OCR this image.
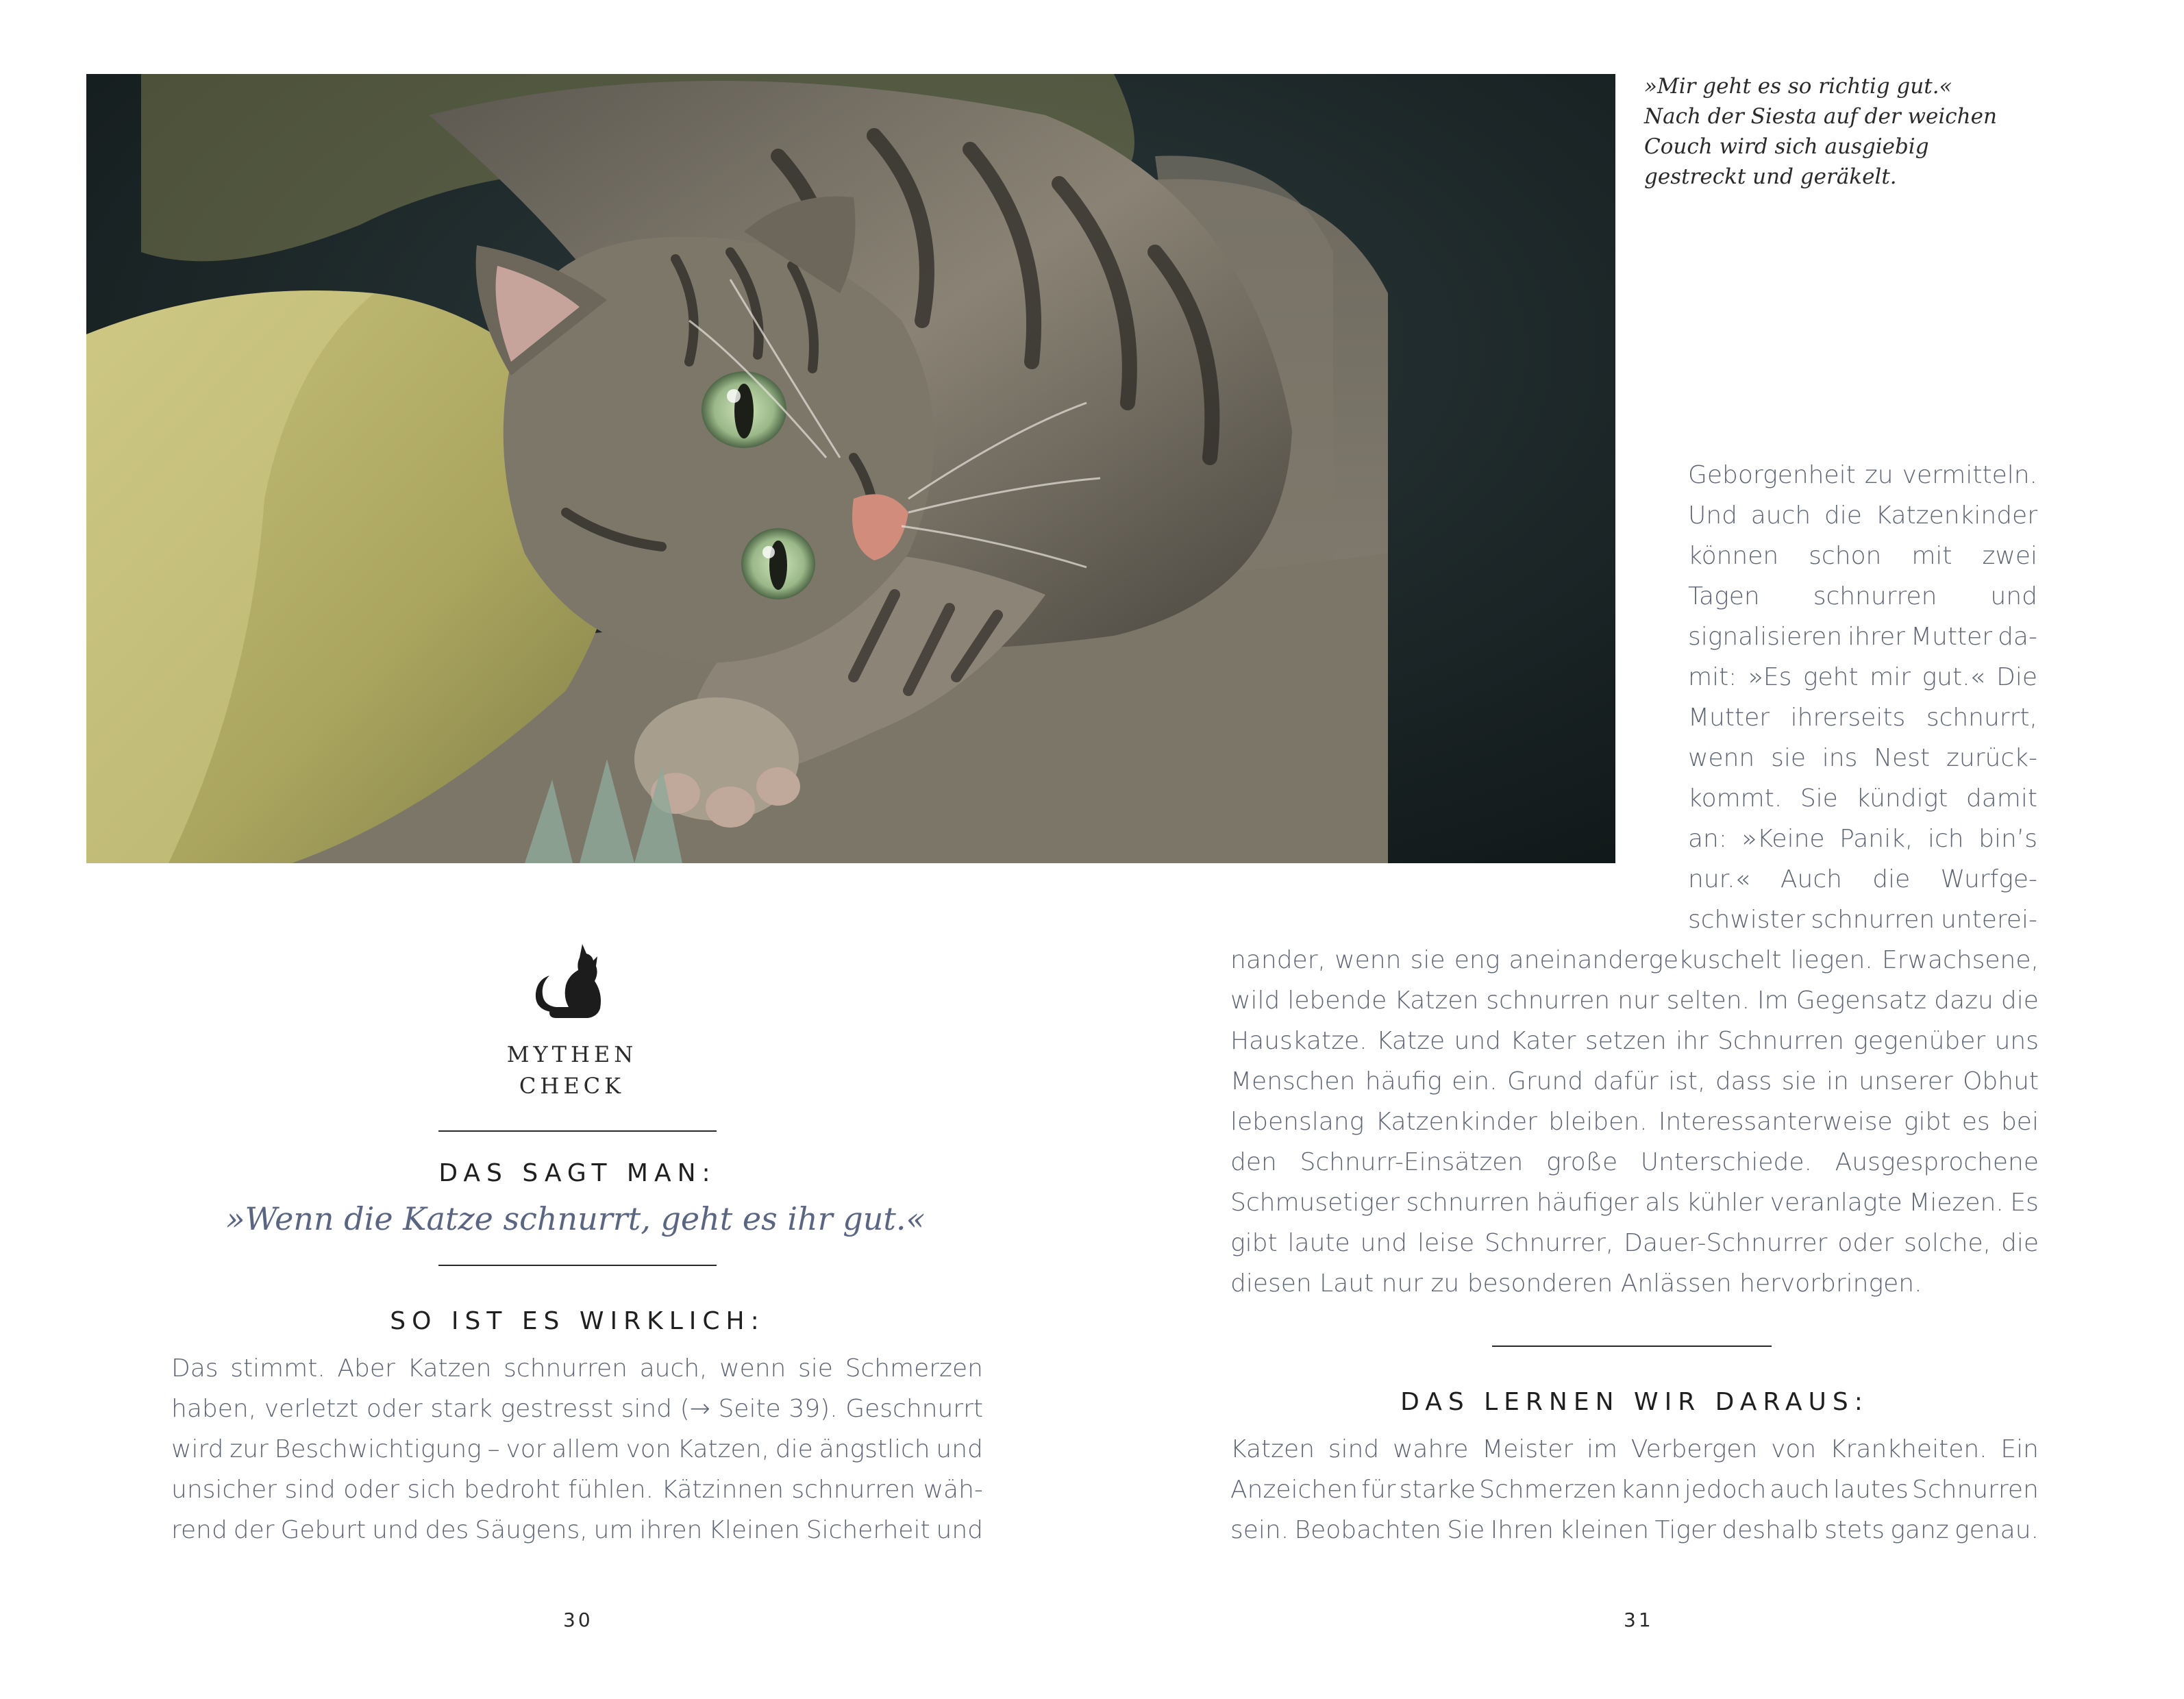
»Mir geht es so richtig gut.«
Nach der Siesta auf der weichen
Couch wird sich ausgiebig
gestreckt und geräkelt.
MYTHEN
CHECK
DAS SAGT MAN:
»Wenn die Katze schnurrt, geht es ihr gut.«
SO IST ES WIRKLICH:
Das stimmt. Aber Katzen schnurren auch, wenn sie Schmerzen
haben, verletzt oder stark gestresst sind (→ Seite 39). Geschnurrt
wird zur Beschwichtigung – vor allem von Katzen, die ängstlich und
unsicher sind oder sich bedroht fühlen. Kätzinnen schnurren wäh-
rend der Geburt und des Säugens, um ihren Kleinen Sicherheit und
Geborgenheit zu vermitteln.
Und auch die Katzenkinder
können schon mit zwei
Tagen schnurren und
signalisieren ihrer Mutter da-
mit: »Es geht mir gut.« Die
Mutter ihrerseits schnurrt,
wenn sie ins Nest zurück-
kommt. Sie kündigt damit
an: »Keine Panik, ich bin’s
nur.« Auch die Wurfge-
schwister schnurren unterei-
nander, wenn sie eng aneinandergekuschelt liegen. Erwachsene,
wild lebende Katzen schnurren nur selten. Im Gegensatz dazu die
Hauskatze. Katze und Kater setzen ihr Schnurren gegenüber uns
Menschen häufig ein. Grund dafür ist, dass sie in unserer Obhut
lebenslang Katzenkinder bleiben. Interessanterweise gibt es bei
den Schnurr-Einsätzen große Unterschiede. Ausgesprochene
Schmusetiger schnurren häufiger als kühler veranlagte Miezen. Es
gibt laute und leise Schnurrer, Dauer-Schnurrer oder solche, die
diesen Laut nur zu besonderen Anlässen hervorbringen.
DAS LERNEN WIR DARAUS:
Katzen sind wahre Meister im Verbergen von Krankheiten. Ein
Anzeichen für starke Schmerzen kann jedoch auch lautes Schnurren
sein. Beobachten Sie Ihren kleinen Tiger deshalb stets ganz genau.
30	31
